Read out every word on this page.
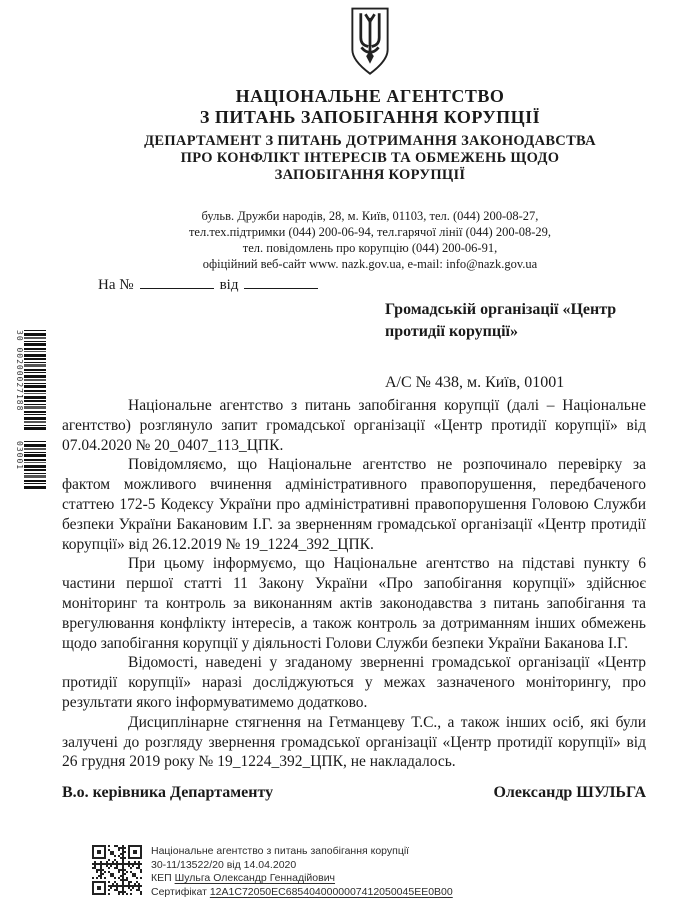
НАЦІОНАЛЬНЕ АГЕНТСТВО
З ПИТАНЬ ЗАПОБІГАННЯ КОРУПЦІЇ
ДЕПАРТАМЕНТ З ПИТАНЬ ДОТРИМАННЯ ЗАКОНОДАВСТВА
ПРО КОНФЛІКТ ІНТЕРЕСІВ ТА ОБМЕЖЕНЬ ЩОДО
ЗАПОБІГАННЯ КОРУПЦІЇ
бульв. Дружби народів, 28, м. Київ, 01103, тел. (044) 200-08-27,
тел.тех.підтримки (044) 200-06-94, тел.гарячої лінії (044) 200-08-29,
тел. повідомлень про корупцію (044) 200-06-91,
офіційний веб-сайт www. nazk.gov.ua, e-mail: info@nazk.gov.ua
На №	від
Громадській організації «Центр протидії корупції»
А/С № 438, м. Київ, 01001
30 00200027188
03001

Національне агентство з питань запобігання корупції (далі – Національне агентство) розглянуло запит громадської організації «Центр протидії корупції» від 07.04.2020 № 20_0407_113_ЦПК.

Повідомляємо, що Національне агентство не розпочинало перевірку за фактом можливого вчинення адміністративного правопорушення, передбаченого статтею 172-5 Кодексу України про адміністративні правопорушення Головою Служби безпеки України Бакановим І.Г. за зверненням громадської організації «Центр протидії корупції» від 26.12.2019 № 19_1224_392_ЦПК.

При цьому інформуємо, що Національне агентство на підставі пункту 6 частини першої статті 11 Закону України «Про запобігання корупції» здійснює моніторинг та контроль за виконанням актів законодавства з питань запобігання та врегулювання конфлікту інтересів, а також контроль за дотриманням інших обмежень щодо запобігання корупції у діяльності Голови Служби безпеки України Баканова І.Г.

Відомості, наведені у згаданому зверненні громадської організації «Центр протидії корупції» наразі досліджуються у межах зазначеного моніторингу, про результати якого інформуватимемо додатково.

Дисциплінарне стягнення на Гетманцеву Т.С., а також інших осіб, які були залучені до розгляду звернення громадської організації «Центр протидії корупції» від 26 грудня 2019 року № 19_1224_392_ЦПК, не накладалось.

В.о. керівника Департаменту	Олександр ШУЛЬГА
Національне агентство з питань запобігання корупції
30-11/13522/20 від 14.04.2020
КЕП Шульга Олександр Геннадійович
Сертифікат 12A1C72050EC6854040000007412050045EE0B00
